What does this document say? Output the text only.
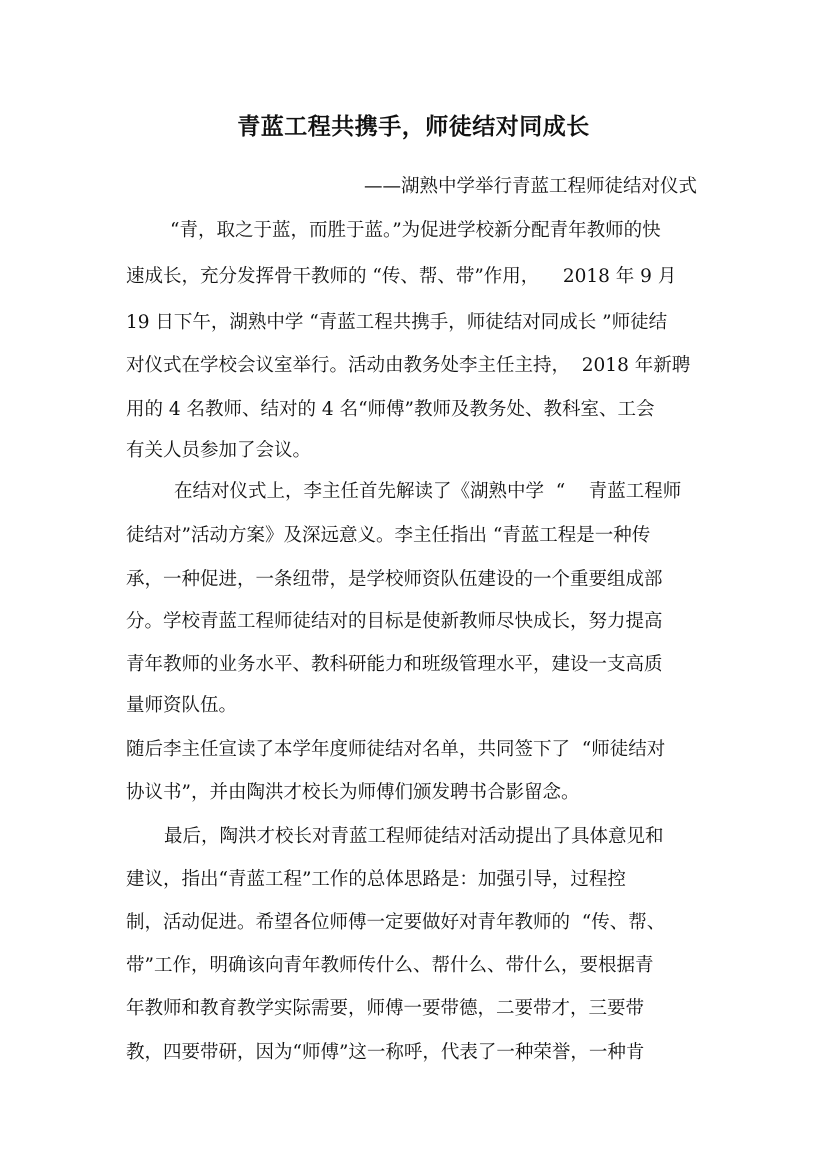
青蓝工程共携手，师徒结对同成长
——湖熟中学举行青蓝工程师徒结对仪式
“青，取之于蓝，而胜于蓝。”为促进学校新分配青年教师的快
速成长，充分发挥骨干教师的 “传、帮、带”作用，    2018 年 9 月
19 日下午，湖熟中学 “青蓝工程共携手，师徒结对同成长 ”师徒结
对仪式在学校会议室举行。活动由教务处李主任主持，  2018 年新聘
用的 4 名教师、结对的 4 名“师傅”教师及教务处、教科室、工会
有关人员参加了会议。
在结对仪式上，李主任首先解读了《湖熟中学  “    青蓝工程师
徒结对”活动方案》及深远意义。李主任指出 “青蓝工程是一种传
承，一种促进，一条纽带，是学校师资队伍建设的一个重要组成部
分。学校青蓝工程师徒结对的目标是使新教师尽快成长，努力提高
青年教师的业务水平、教科研能力和班级管理水平，建设一支高质
量师资队伍。
随后李主任宣读了本学年度师徒结对名单，共同签下了  “师徒结对
协议书”，并由陶洪才校长为师傅们颁发聘书合影留念。
最后，陶洪才校长对青蓝工程师徒结对活动提出了具体意见和
建议，指出“青蓝工程”工作的总体思路是：加强引导，过程控
制，活动促进。希望各位师傅一定要做好对青年教师的  “传、帮、
带”工作，明确该向青年教师传什么、帮什么、带什么，要根据青
年教师和教育教学实际需要，师傅一要带德，二要带才，三要带
教，四要带研，因为“师傅”这一称呼，代表了一种荣誉，一种肯
